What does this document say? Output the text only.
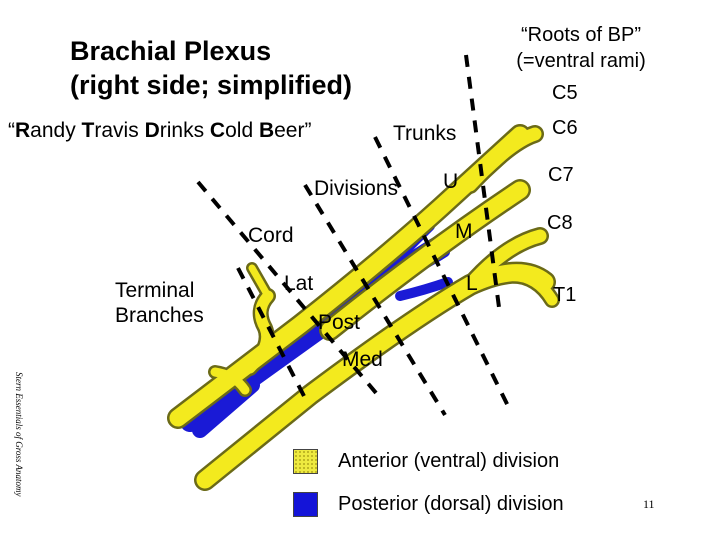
Brachial Plexus
(right side; simplified)
“Roots of BP”
(=ventral rami)
“Randy Travis Drinks Cold Beer”	Trunks
Divisions
Cord
Terminal
Branches
Lat
Post
Med
U
M
L
C5
C6
C7
C8
T1
Stern Essentials of Gross Anatomy	Anterior (ventral) division
Posterior (dorsal) division	11
